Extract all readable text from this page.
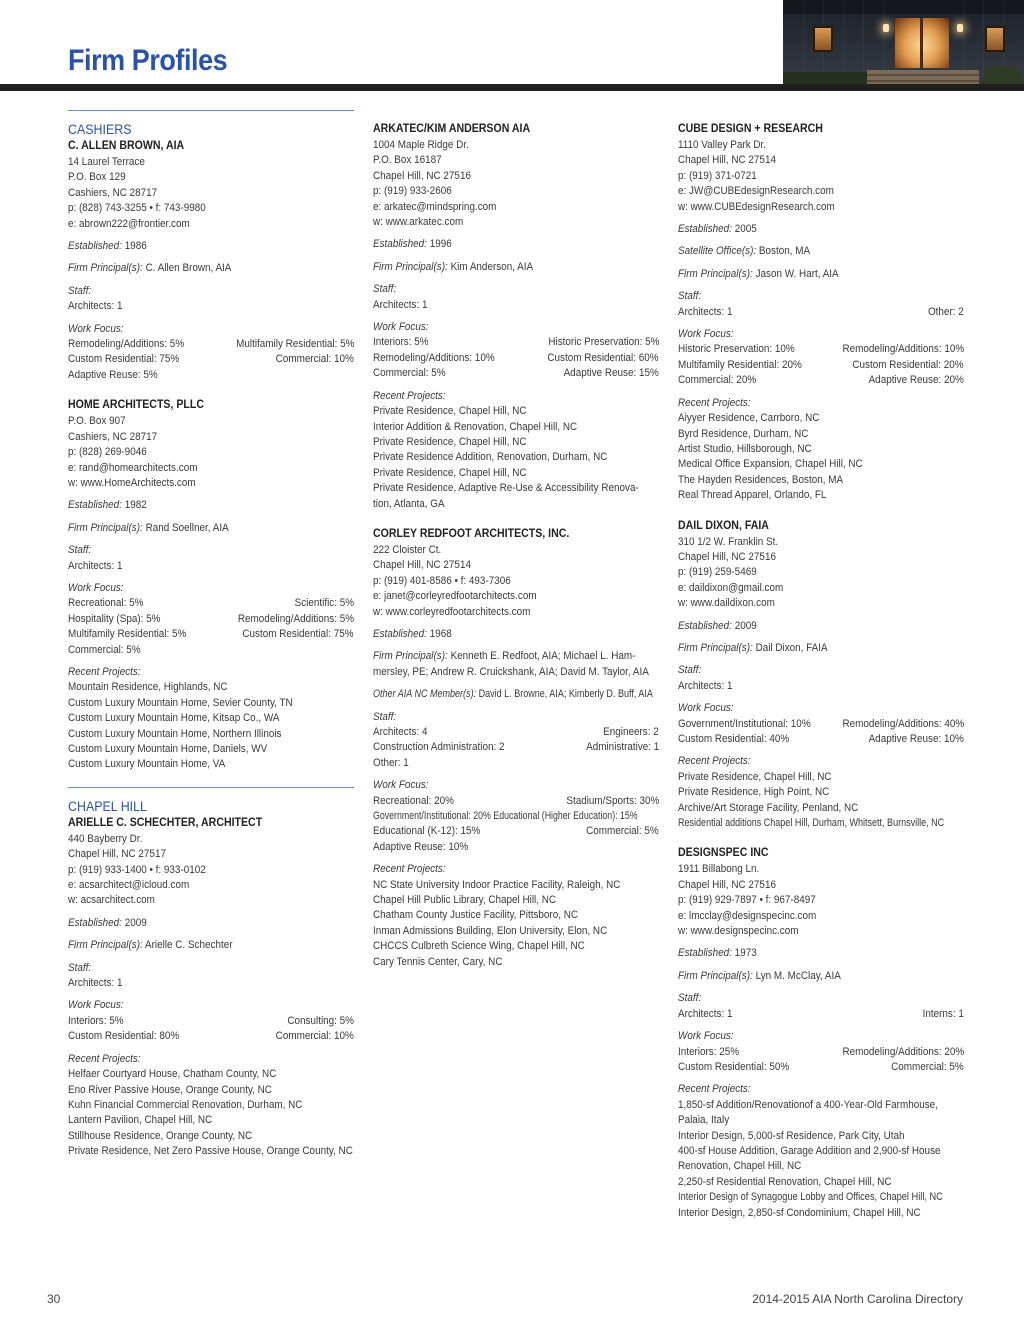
Firm Profiles
CASHIERS
C. ALLEN BROWN, AIA
14 Laurel Terrace
P.O. Box 129
Cashiers, NC 28717
p: (828) 743-3255 • f: 743-9980
e: abrown222@frontier.com
Established: 1986
Firm Principal(s): C. Allen Brown, AIA
Staff:
Architects: 1
Work Focus:
Remodeling/Additions: 5%	Multifamily Residential: 5%
Custom Residential: 75%	Commercial: 10%
Adaptive Reuse: 5%
HOME ARCHITECTS, PLLC
P.O. Box 907
Cashiers, NC 28717
p: (828) 269-9046
e: rand@homearchitects.com
w: www.HomeArchitects.com
Established: 1982
Firm Principal(s): Rand Soellner, AIA
Staff:
Architects: 1
Work Focus:
Recreational: 5%	Scientific: 5%
Hospitality (Spa): 5%	Remodeling/Additions: 5%
Multifamily Residential: 5%	Custom Residential: 75%
Commercial: 5%
Recent Projects:
Mountain Residence, Highlands, NC
Custom Luxury Mountain Home, Sevier County, TN
Custom Luxury Mountain Home, Kitsap Co., WA
Custom Luxury Mountain Home, Northern Illinois
Custom Luxury Mountain Home, Daniels, WV
Custom Luxury Mountain Home, VA
CHAPEL HILL
ARIELLE C. SCHECHTER, ARCHITECT
440 Bayberry Dr.
Chapel Hill, NC 27517
p: (919) 933-1400 • f: 933-0102
e: acsarchitect@icloud.com
w: acsarchitect.com
Established: 2009
Firm Principal(s): Arielle C. Schechter
Staff:
Architects: 1
Work Focus:
Interiors: 5%	Consulting: 5%
Custom Residential: 80%	Commercial: 10%
Recent Projects:
Helfaer Courtyard House, Chatham County, NC
Eno River Passive House, Orange County, NC
Kuhn Financial Commercial Renovation, Durham, NC
Lantern Pavilion, Chapel Hill, NC
Stillhouse Residence, Orange County, NC
Private Residence, Net Zero Passive House, Orange County, NC
ARKATEC/KIM ANDERSON AIA
1004 Maple Ridge Dr.
P.O. Box 16187
Chapel Hill, NC 27516
p: (919) 933-2606
e: arkatec@mindspring.com
w: www.arkatec.com
Established: 1996
Firm Principal(s): Kim Anderson, AIA
Staff:
Architects: 1
Work Focus:
Interiors: 5%	Historic Preservation: 5%
Remodeling/Additions: 10%	Custom Residential: 60%
Commercial: 5%	Adaptive Reuse: 15%
Recent Projects:
Private Residence, Chapel Hill, NC
Interior Addition & Renovation, Chapel Hill, NC
Private Residence, Chapel Hill, NC
Private Residence Addition, Renovation, Durham, NC
Private Residence, Chapel Hill, NC
Private Residence, Adaptive Re-Use & Accessibility Renova-
tion, Atlanta, GA
CORLEY REDFOOT ARCHITECTS, INC.
222 Cloister Ct.
Chapel Hill, NC 27514
p: (919) 401-8586 • f: 493-7306
e: janet@corleyredfootarchitects.com
w: www.corleyredfootarchitects.com
Established: 1968
Firm Principal(s): Kenneth E. Redfoot, AIA; Michael L. Ham-
mersley, PE; Andrew R. Cruickshank, AIA; David M. Taylor, AIA
Other AIA NC Member(s): David L. Browne, AIA; Kimberly D. Buff, AIA
Staff:
Architects: 4	Engineers: 2
Construction Administration: 2	Administrative: 1
Other: 1
Work Focus:
Recreational: 20%	Stadium/Sports: 30%
Government/Institutional: 20% Educational (Higher Education): 15%
Educational (K-12): 15%	Commercial: 5%
Adaptive Reuse: 10%
Recent Projects:
NC State University Indoor Practice Facility, Raleigh, NC
Chapel Hill Public Library, Chapel Hill, NC
Chatham County Justice Facility, Pittsboro, NC
Inman Admissions Building, Elon University, Elon, NC
CHCCS Culbreth Science Wing, Chapel Hill, NC
Cary Tennis Center, Cary, NC
CUBE DESIGN + RESEARCH
1110 Valley Park Dr.
Chapel Hill, NC 27514
p: (919) 371-0721
e: JW@CUBEdesignResearch.com
w: www.CUBEdesignResearch.com
Established: 2005
Satellite Office(s): Boston, MA
Firm Principal(s): Jason W. Hart, AIA
Staff:
Architects: 1	Other: 2
Work Focus:
Historic Preservation: 10%	Remodeling/Additions: 10%
Multifamily Residential: 20%	Custom Residential: 20%
Commercial: 20%	Adaptive Reuse: 20%
Recent Projects:
Aiyyer Residence, Carrboro, NC
Byrd Residence, Durham, NC
Artist Studio, Hillsborough, NC
Medical Office Expansion, Chapel Hill, NC
The Hayden Residences, Boston, MA
Real Thread Apparel, Orlando, FL
DAIL DIXON, FAIA
310 1/2 W. Franklin St.
Chapel Hill, NC 27516
p: (919) 259-5469
e: daildixon@gmail.com
w: www.daildixon.com
Established: 2009
Firm Principal(s): Dail Dixon, FAIA
Staff:
Architects: 1
Work Focus:
Government/Institutional: 10%	Remodeling/Additions: 40%
Custom Residential: 40%	Adaptive Reuse: 10%
Recent Projects:
Private Residence, Chapel Hill, NC
Private Residence, High Point, NC
Archive/Art Storage Facility, Penland, NC
Residential additions Chapel Hill, Durham, Whitsett, Burnsville, NC
DESIGNSPEC INC
1911 Billabong Ln.
Chapel Hill, NC 27516
p: (919) 929-7897 • f: 967-8497
e: lmcclay@designspecinc.com
w: www.designspecinc.com
Established: 1973
Firm Principal(s): Lyn M. McClay, AIA
Staff:
Architects: 1	Interns: 1
Work Focus:
Interiors: 25%	Remodeling/Additions: 20%
Custom Residential: 50%	Commercial: 5%
Recent Projects:
1,850-sf Addition/Renovationof a 400-Year-Old Farmhouse,
Palaia, Italy
Interior Design, 5,000-sf Residence, Park City, Utah
400-sf House Addition, Garage Addition and 2,900-sf House
Renovation, Chapel Hill, NC
2,250-sf Residential Renovation, Chapel Hill, NC
Interior Design of Synagogue Lobby and Offices, Chapel Hill, NC
Interior Design, 2,850-sf Condominium, Chapel Hill, NC
30	2014-2015 AIA North Carolina Directory
